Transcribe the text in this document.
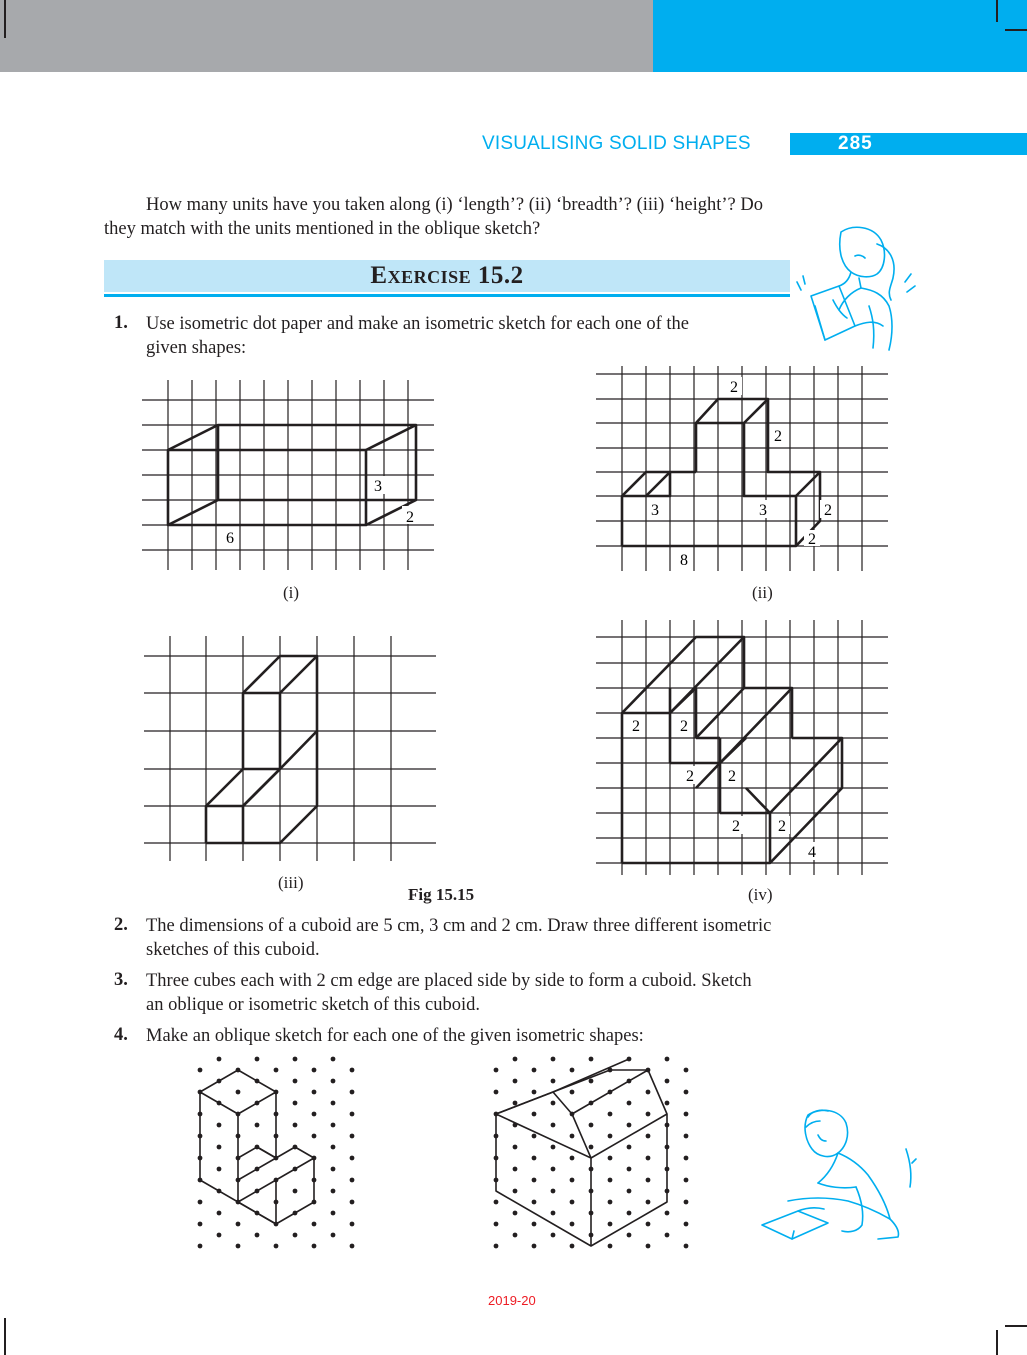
VISUALISING SOLID SHAPES	285
How many units have you taken along (i) ‘length’? (ii) ‘breadth’? (iii) ‘height’? Do
they match with the units mentioned in the oblique sketch?
Exercise 15.2
1. Use isometric dot paper and make an isometric sketch for each one of the
given shapes:
6
3
2
(i)
2
2
3	3	2
2
8
(ii)
(iii)
Fig 15.15
2	2
2 2
2 2
4
(iv)
2. The dimensions of a cuboid are 5 cm, 3 cm and 2 cm. Draw three different isometric
sketches of this cuboid.
3. Three cubes each with 2 cm edge are placed side by side to form a cuboid. Sketch
an oblique or isometric sketch of this cuboid.
4. Make an oblique sketch for each one of the given isometric shapes:
2019-20
